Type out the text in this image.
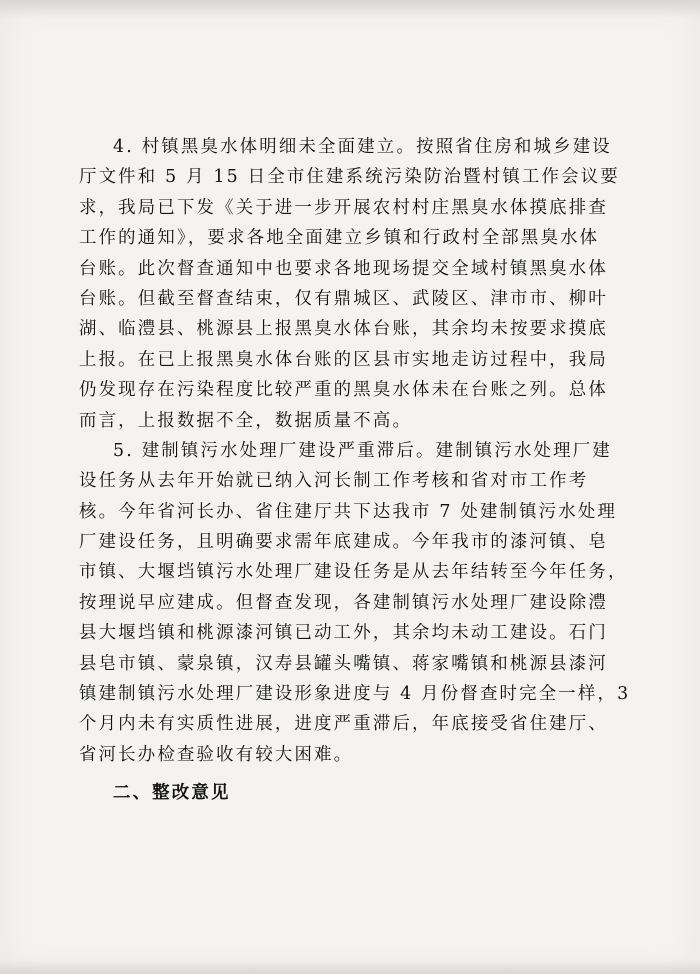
4. 村镇黑臭水体明细未全面建立。按照省住房和城乡建设
厅文件和 5 月 15 日全市住建系统污染防治暨村镇工作会议要
求，我局已下发《关于进一步开展农村村庄黑臭水体摸底排查
工作的通知》，要求各地全面建立乡镇和行政村全部黑臭水体
台账。此次督查通知中也要求各地现场提交全域村镇黑臭水体
台账。但截至督查结束，仅有鼎城区、武陵区、津市市、柳叶
湖、临澧县、桃源县上报黑臭水体台账，其余均未按要求摸底
上报。在已上报黑臭水体台账的区县市实地走访过程中，我局
仍发现存在污染程度比较严重的黑臭水体未在台账之列。总体
而言，上报数据不全，数据质量不高。
5. 建制镇污水处理厂建设严重滞后。建制镇污水处理厂建
设任务从去年开始就已纳入河长制工作考核和省对市工作考
核。今年省河长办、省住建厅共下达我市 7 处建制镇污水处理
厂建设任务，且明确要求需年底建成。今年我市的漆河镇、皂
市镇、大堰垱镇污水处理厂建设任务是从去年结转至今年任务，
按理说早应建成。但督查发现，各建制镇污水处理厂建设除澧
县大堰垱镇和桃源漆河镇已动工外，其余均未动工建设。石门
县皂市镇、蒙泉镇，汉寿县罐头嘴镇、蒋家嘴镇和桃源县漆河
镇建制镇污水处理厂建设形象进度与 4 月份督查时完全一样，3
个月内未有实质性进展，进度严重滞后，年底接受省住建厅、
省河长办检查验收有较大困难。
二、整改意见
